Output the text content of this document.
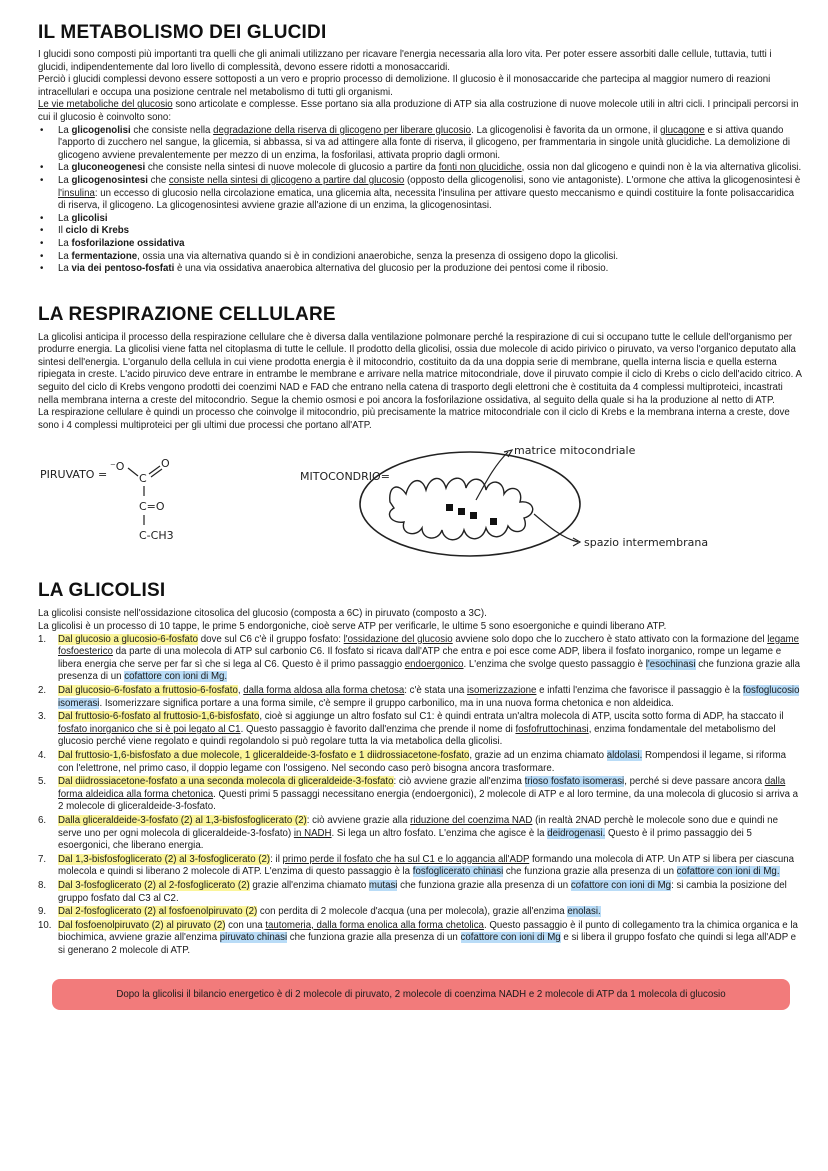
IL METABOLISMO DEI GLUCIDI

I glucidi sono composti più importanti tra quelli che gli animali utilizzano per ricavare l'energia necessaria alla loro vita. Per poter essere assorbiti dalle cellule, tuttavia, tutti i glucidi, indipendentemente dal loro livello di complessità, devono essere ridotti a monosaccaridi.

Perciò i glucidi complessi devono essere sottoposti a un vero e proprio processo di demolizione. Il glucosio è il monosaccaride che partecipa al maggior numero di reazioni intracellulari e occupa una posizione centrale nel metabolismo di tutti gli organismi.

Le vie metaboliche del glucosio sono articolate e complesse. Esse portano sia alla produzione di ATP sia alla costruzione di nuove molecole utili in altri cicli. I principali percorsi in cui il glucosio è coinvolto sono:

• La glicogenolisi che consiste nella degradazione della riserva di glicogeno per liberare glucosio. La glicogenolisi è favorita da un ormone, il glucagone e si attiva quando l'apporto di zucchero nel sangue, la glicemia, si abbassa, si va ad attingere alla fonte di riserva, il glicogeno, per frammentaria in singole unità glucidiche. La demolizione di glicogeno avviene prevalentemente per mezzo di un enzima, la fosforilasi, attivata proprio dagli ormoni.
• La gluconeogenesi che consiste nella sintesi di nuove molecole di glucosio a partire da fonti non glucidiche, ossia non dal glicogeno e quindi non è la via alternativa glicolisi.
• La glicogenosintesi che consiste nella sintesi di glicogeno a partire dal glucosio (opposto della glicogenolisi, sono vie antagoniste). L'ormone che attiva la glicogenosintesi è l'insulina: un eccesso di glucosio nella circolazione ematica, una glicemia alta, necessita l'insulina per attivare questo meccanismo e quindi costituire la fonte polisaccaridica di riserva, il glicogeno. La glicogenosintesi avviene grazie all'azione di un enzima, la glicogenosintasi.
• La glicolisi
• Il ciclo di Krebs
• La fosforilazione ossidativa
• La fermentazione, ossia una via alternativa quando si è in condizioni anaerobiche, senza la presenza di ossigeno dopo la glicolisi.
• La via dei pentoso-fosfati è una via ossidativa anaerobica alternativa del glucosio per la produzione dei pentosi come il ribosio.
LA RESPIRAZIONE CELLULARE

La glicolisi anticipa il processo della respirazione cellulare che è diversa dalla ventilazione polmonare perché la respirazione di cui si occupano tutte le cellule dell'organismo per produrre energia. La glicolisi viene fatta nel citoplasma di tutte le cellule. Il prodotto della glicolisi, ossia due molecole di acido pirivico o piruvato, va verso l'organico deputato alla sintesi dell'energia. L'organulo della cellula in cui viene prodotta energia è il mitocondrio, costituito da da una doppia serie di membrane, quella interna liscia e quella esterna ripiegata in creste. L'acido piruvico deve entrare in entrambe le membrane e arrivare nella matrice mitocondriale, dove il piruvato compie il ciclo di Krebs o ciclo dell'acido citrico. A seguito del ciclo di Krebs vengono prodotti dei coenzimi NAD e FAD che entrano nella catena di trasporto degli elettroni che è costituita da 4 complessi multiproteici, incastrati nella membrana interna a creste del mitocondrio. Segue la chemio osmosi e poi ancora la fosforilazione ossidativa, al seguito della quale si ha la produzione al netto di ATP.

La respirazione cellulare è quindi un processo che coinvolge il mitocondrio, più precisamente la matrice mitocondriale con il ciclo di Krebs e la membrana interna a creste, dove sono i 4 complessi multiproteici per gli ultimi due processi che portano all'ATP.

PIRUVATO =
⁻O
C
O
C=O
C-CH3
MITOCONDRIO=
matrice mitocondriale
spazio intermembrana
LA GLICOLISI

La glicolisi consiste nell'ossidazione citosolica del glucosio (composta a 6C) in piruvato (composto a 3C).

La glicolisi è un processo di 10 tappe, le prime 5 endorgoniche, cioè serve ATP per verificarle, le ultime 5 sono esoergoniche e quindi liberano ATP.

1. Dal glucosio a glucosio-6-fosfato dove sul C6 c'è il gruppo fosfato: l'ossidazione del glucosio avviene solo dopo che lo zucchero è stato attivato con la formazione del legame fosfoesterico da parte di una molecola di ATP sul carbonio C6. Il fosfato si ricava dall'ATP che entra e poi esce come ADP, libera il fosfato inorganico, rompe un legame e libera energia che serve per far sì che si lega al C6. Questo è il primo passaggio endoergonico. L'enzima che svolge questo passaggio è l'esochinasi che funziona grazie alla presenza di un cofattore con ioni di Mg.
2. Dal glucosio-6-fosfato a fruttosio-6-fosfato, dalla forma aldosa alla forma chetosa: c'è stata una isomerizzazione e infatti l'enzima che favorisce il passaggio è la fosfoglucosio isomerasi. Isomerizzare significa portare a una forma simile, c'è sempre il gruppo carbonilico, ma in una nuova forma chetonica e non aldeidica.
3. Dal fruttosio-6-fosfato al fruttosio-1,6-bisfosfato, cioè si aggiunge un altro fosfato sul C1: è quindi entrata un'altra molecola di ATP, uscita sotto forma di ADP, ha staccato il fosfato inorganico che si è poi legato al C1. Questo passaggio è favorito dall'enzima che prende il nome di fosfofruttochinasi, enzima fondamentale del metabolismo del glucosio perché viene regolato e quindi regolandolo si può regolare tutta la via metabolica della glicolisi.
4. Dal fruttosio-1,6-bisfosfato a due molecole, 1 gliceraldeide-3-fosfato e 1 diidrossiacetone-fosfato, grazie ad un enzima chiamato aldolasi. Rompendosi il legame, si riforma con l'elettrone, nel primo caso, il doppio legame con l'ossigeno. Nel secondo caso però bisogna ancora trasformare.
5. Dal diidrossiacetone-fosfato a una seconda molecola di gliceraldeide-3-fosfato: ciò avviene grazie all'enzima trioso fosfato isomerasi, perché si deve passare ancora dalla forma aldeidica alla forma chetonica. Questi primi 5 passaggi necessitano energia (endoergonici), 2 molecole di ATP e al loro termine, da una molecola di glucosio si arriva a 2 molecole di gliceraldeide-3-fosfato.
6. Dalla gliceraldeide-3-fosfato (2) al 1,3-bisfosfoglicerato (2): ciò avviene grazie alla riduzione del coenzima NAD (in realtà 2NAD perchè le molecole sono due e quindi ne serve uno per ogni molecola di gliceraldeide-3-fosfato) in NADH. Si lega un altro fosfato. L'enzima che agisce è la deidrogenasi. Questo è il primo passaggio dei 5 esoergonici, che liberano energia.
7. Dal 1,3-bisfosfoglicerato (2) al 3-fosfoglicerato (2): il primo perde il fosfato che ha sul C1 e lo aggancia all'ADP formando una molecola di ATP. Un ATP si libera per ciascuna molecola e quindi si liberano 2 molecole di ATP. L'enzima di questo passaggio è la fosfoglicerato chinasi che funziona grazie alla presenza di un cofattore con ioni di Mg.
8. Dal 3-fosfoglicerato (2) al 2-fosfoglicerato (2) grazie all'enzima chiamato mutasi che funziona grazie alla presenza di un cofattore con ioni di Mg: si cambia la posizione del gruppo fosfato dal C3 al C2.
9. Dal 2-fosfoglicerato (2) al fosfoenolpiruvato (2) con perdita di 2 molecole d'acqua (una per molecola), grazie all'enzima enolasi.
10. Dal fosfoenolpiruvato (2) al piruvato (2) con una tautomeria, dalla forma enolica alla forma chetolica. Questo passaggio è il punto di collegamento tra la chimica organica e la biochimica, avviene grazie all'enzima piruvato chinasi che funziona grazie alla presenza di un cofattore con ioni di Mg e si libera il gruppo fosfato che quindi si lega all'ADP e si generano 2 molecole di ATP.
Dopo la glicolisi il bilancio energetico è di 2 molecole di piruvato, 2 molecole di coenzima NADH e 2 molecole di ATP da 1 molecola di glucosio
